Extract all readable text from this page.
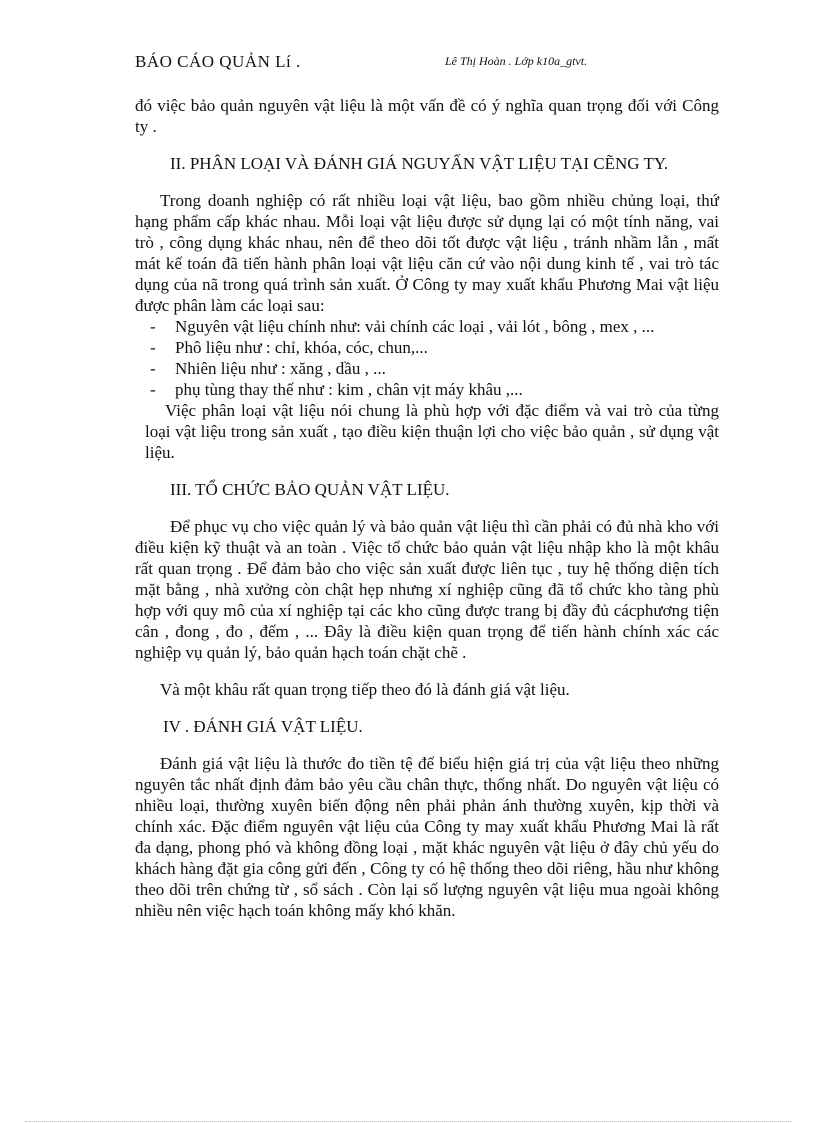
BÁO CÁO QUẢN Lí .	Lê Thị Hoàn . Lớp k10a_gtvt.

đó việc bảo quản nguyên vật liệu là một vấn đề có ý nghĩa quan trọng đối với Công ty .

II. PHÂN LOẠI VÀ ĐÁNH GIÁ NGUYẤN VẬT LIỆU TẠI CẼNG TY.

Trong doanh nghiệp có rất nhiều loại vật liệu, bao gồm nhiều chủng loại, thứ hạng phẩm cấp khác nhau. Mỗi loại vật liệu được sử dụng lại có một tính năng, vai trò , công dụng khác nhau, nên để theo dõi tốt được vật liệu , tránh nhầm lẫn , mất mát kế toán đã tiến hành phân loại vật liệu căn cứ vào nội dung kinh tế , vai trò tác dụng của nã trong quá trình sản xuất. Ở Công ty may xuất khẩu Phương Mai vật liệu được phân làm các loại sau:

- Nguyên vật liệu chính như: vải chính các loại , vải lót , bông , mex , ...
- Phô liệu như : chỉ, khóa, cóc, chun,...
- Nhiên liệu như : xăng , dầu , ...
- phụ tùng thay thế như : kim , chân vịt máy khâu ,...

Việc phân loại vật liệu nói chung là phù hợp với đặc điểm và vai trò của từng loại vật liệu trong sản xuất , tạo điều kiện thuận lợi cho việc bảo quản , sử dụng vật liệu.

III. TỔ CHỨC BẢO QUẢN VẬT LIỆU.

Để phục vụ cho việc quản lý và bảo quản vật liệu thì cần phải có đủ nhà kho với điều kiện kỹ thuật và an toàn . Việc tổ chức bảo quản vật liệu nhập kho là một khâu rất quan trọng . Để đảm bảo cho việc sản xuất được liên tục , tuy hệ thống diện tích mặt bằng , nhà xưởng còn chật hẹp nhưng xí nghiệp cũng đã tổ chức kho tàng phù hợp với quy mô của xí nghiệp tại các kho cũng được trang bị đầy đủ cácphương tiện cân , đong , đo , đếm , ... Đây là điều kiện quan trọng để tiến hành chính xác các nghiệp vụ quản lý, bảo quản hạch toán chặt chẽ .

Và một khâu rất quan trọng tiếp theo đó là đánh giá vật liệu.

IV . ĐÁNH GIÁ VẬT LIỆU.

Đánh giá vật liệu là thước đo tiền tệ để biểu hiện giá trị của vật liệu theo những nguyên tắc nhất định đảm bảo yêu cầu chân thực, thống nhất. Do nguyên vật liệu có nhiều loại, thường xuyên biến động nên phải phản ánh thường xuyên, kịp thời và chính xác. Đặc điểm nguyên vật liệu của Công ty may xuất khẩu Phương Mai là rất đa dạng, phong phó và không đồng loại , mặt khác nguyên vật liệu ở đây chủ yếu do khách hàng đặt gia công gửi đến , Công ty có hệ thống theo dõi riêng, hầu như không theo dõi trên chứng từ , sổ sách . Còn lại số lượng nguyên vật liệu mua ngoài không nhiều nên việc hạch toán không mấy khó khăn.
